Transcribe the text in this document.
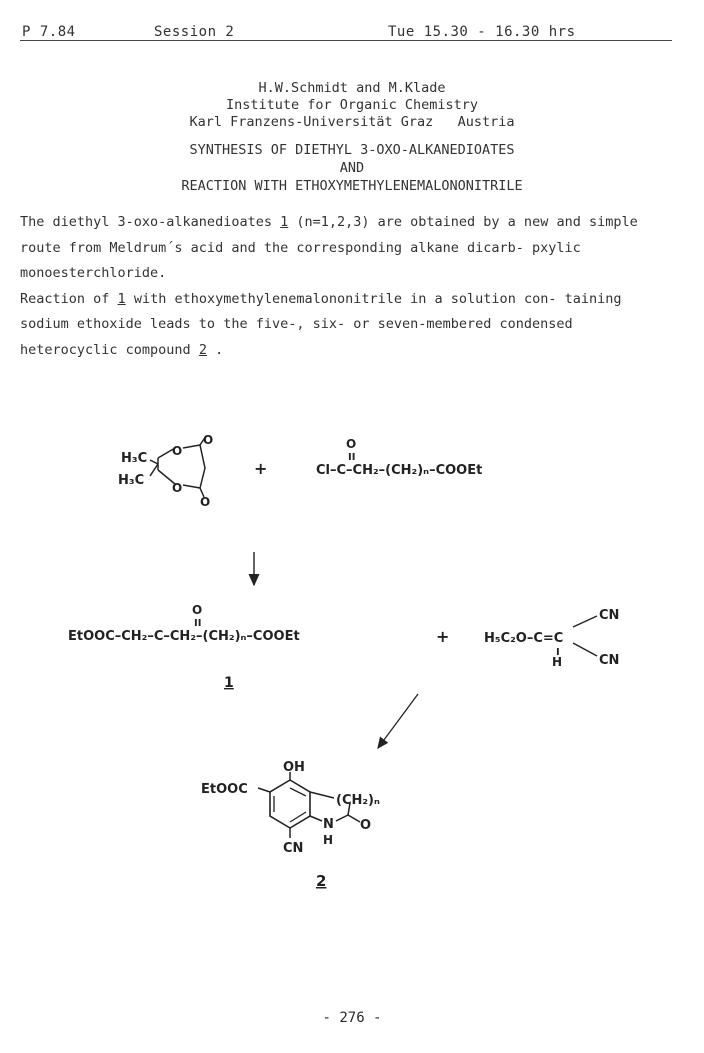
P 7.84	Session 2	Tue 15.30 - 16.30 hrs
H.W.Schmidt and M.Klade
Institute for Organic Chemistry
Karl Franzens-Universität Graz   Austria
SYNTHESIS OF DIETHYL 3-OXO-ALKANEDIOATES
AND
REACTION WITH ETHOXYMETHYLENEMALONONITRILE

The diethyl 3-oxo-alkanedioates 1 (n=1,2,3) are obtained by a new and simple route from Meldrum´s acid and the corresponding alkane dicarb- pxylic monoesterchloride.

Reaction of 1 with ethoxymethylenemalononitrile in a solution con- taining sodium ethoxide leads to the five-, six- or seven-membered condensed heterocyclic compound 2 .

H₃C
H₃C
O
O
O
O
+
O
II
Cl–C–CH₂–(CH₂)ₙ–COOEt
O
II
EtOOC–CH₂–C–CH₂–(CH₂)ₙ–COOEt
1
+
CN
H₅C₂O–C=C
I
H	CN
OH
EtOOC
(CH₂)ₙ
N O
H
CN
2
- 276 -
